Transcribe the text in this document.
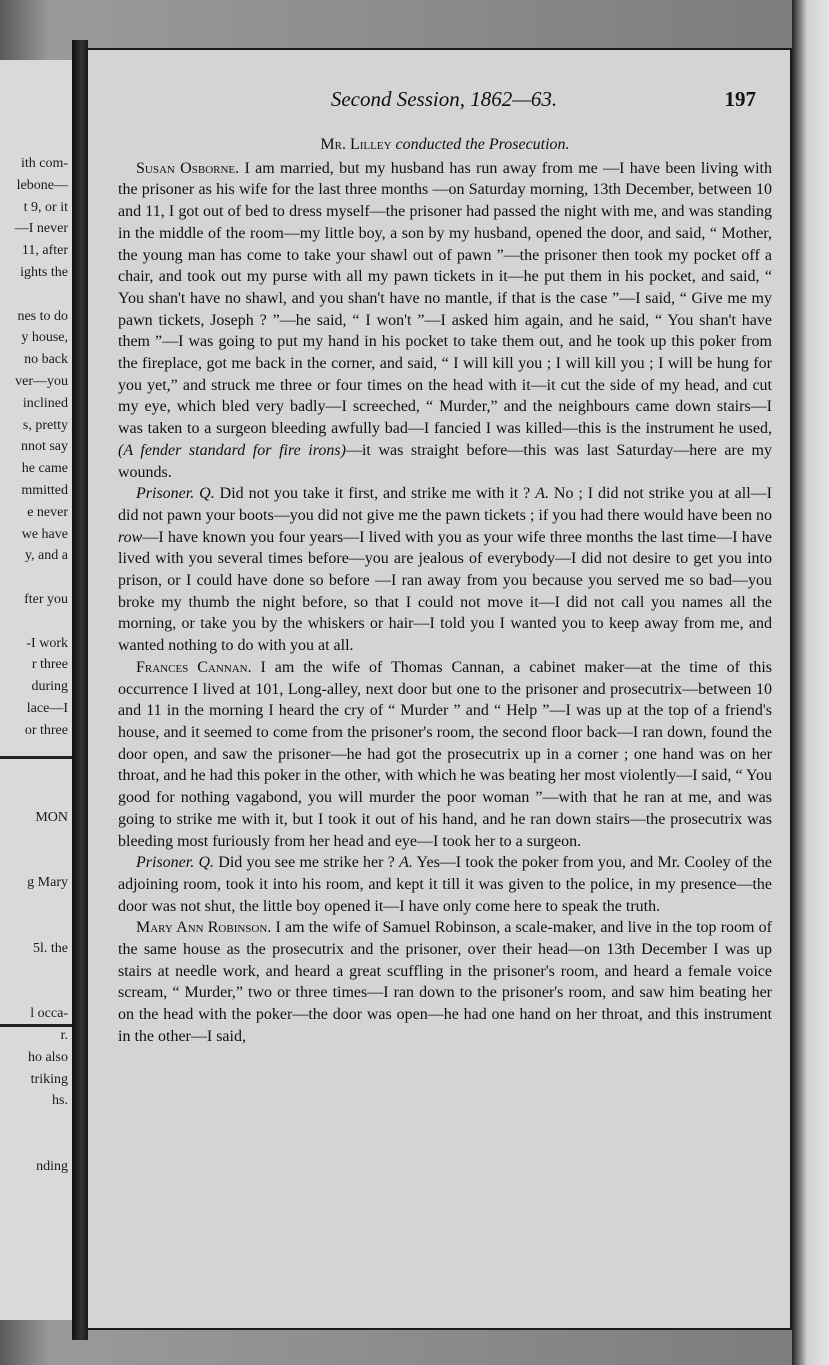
ith com-
lebone—
t 9, or it
—I never
11, after
ights the
nes to do
y house,
no back
ver—you
inclined
s, pretty
nnot say
he came
mmitted
e never
we have
y, and a
fter you
-I work
r three
during
lace—I
or three
MON
g Mary
5l. the
l occa-
r.
ho also
triking
hs.
nding
Second Session, 1862—63.	197

Mr. Lilley conducted the Prosecution.

Susan Osborne. I am married, but my husband has run away from me —I have been living with the prisoner as his wife for the last three months —on Saturday morning, 13th December, between 10 and 11, I got out of bed to dress myself—the prisoner had passed the night with me, and was standing in the middle of the room—my little boy, a son by my husband, opened the door, and said, “ Mother, the young man has come to take your shawl out of pawn ”—the prisoner then took my pocket off a chair, and took out my purse with all my pawn tickets in it—he put them in his pocket, and said, “ You shan't have no shawl, and you shan't have no mantle, if that is the case ”—I said, “ Give me my pawn tickets, Joseph ? ”—he said, “ I won't ”—I asked him again, and he said, “ You shan't have them ”—I was going to put my hand in his pocket to take them out, and he took up this poker from the fireplace, got me back in the corner, and said, “ I will kill you ; I will kill you ; I will be hung for you yet,” and struck me three or four times on the head with it—it cut the side of my head, and cut my eye, which bled very badly—I screeched, “ Murder,” and the neighbours came down stairs—I was taken to a surgeon bleeding awfully bad—I fancied I was killed—this is the instrument he used, (A fender standard for fire irons)—it was straight before—this was last Saturday—here are my wounds.

Prisoner. Q. Did not you take it first, and strike me with it ? A. No ; I did not strike you at all—I did not pawn your boots—you did not give me the pawn tickets ; if you had there would have been no row—I have known you four years—I lived with you as your wife three months the last time—I have lived with you several times before—you are jealous of everybody—I did not desire to get you into prison, or I could have done so before —I ran away from you because you served me so bad—you broke my thumb the night before, so that I could not move it—I did not call you names all the morning, or take you by the whiskers or hair—I told you I wanted you to keep away from me, and wanted nothing to do with you at all.

Frances Cannan. I am the wife of Thomas Cannan, a cabinet maker—at the time of this occurrence I lived at 101, Long-alley, next door but one to the prisoner and prosecutrix—between 10 and 11 in the morning I heard the cry of “ Murder ” and “ Help ”—I was up at the top of a friend's house, and it seemed to come from the prisoner's room, the second floor back—I ran down, found the door open, and saw the prisoner—he had got the prosecutrix up in a corner ; one hand was on her throat, and he had this poker in the other, with which he was beating her most violently—I said, “ You good for nothing vagabond, you will murder the poor woman ”—with that he ran at me, and was going to strike me with it, but I took it out of his hand, and he ran down stairs—the prosecutrix was bleeding most furiously from her head and eye—I took her to a surgeon.

Prisoner. Q. Did you see me strike her ? A. Yes—I took the poker from you, and Mr. Cooley of the adjoining room, took it into his room, and kept it till it was given to the police, in my presence—the door was not shut, the little boy opened it—I have only come here to speak the truth.

Mary Ann Robinson. I am the wife of Samuel Robinson, a scale-maker, and live in the top room of the same house as the prosecutrix and the prisoner, over their head—on 13th December I was up stairs at needle work, and heard a great scuffling in the prisoner's room, and heard a female voice scream, “ Murder,” two or three times—I ran down to the prisoner's room, and saw him beating her on the head with the poker—the door was open—he had one hand on her throat, and this instrument in the other—I said,
